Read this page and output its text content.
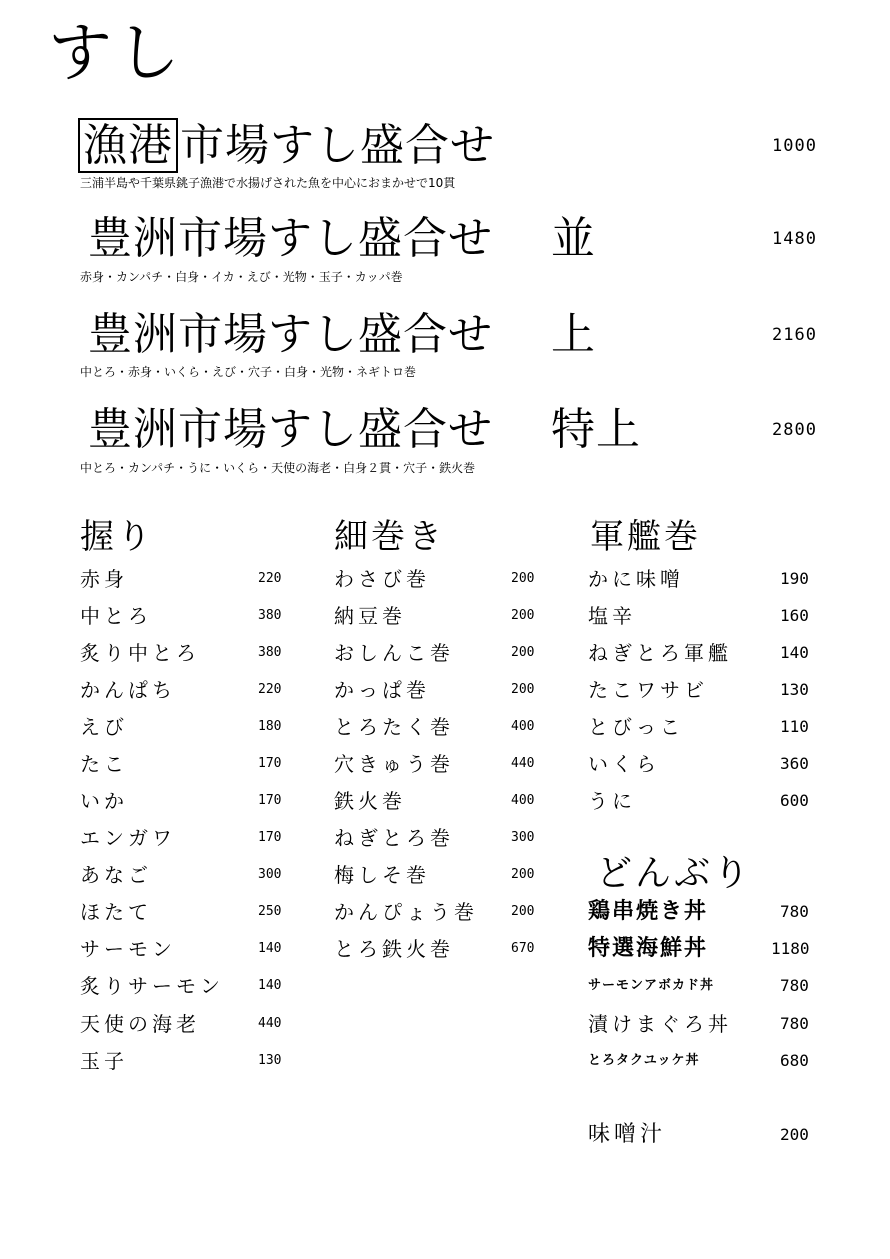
すし
漁港 市場すし盛合せ	1000
三浦半島や千葉県銚子漁港で水揚げされた魚を中心におまかせで10貫
豊洲市場すし盛合せ 並	1480
赤身・カンパチ・白身・イカ・えび・光物・玉子・カッパ巻
豊洲市場すし盛合せ 上	2160
中とろ・赤身・いくら・えび・穴子・白身・光物・ネギトロ巻
豊洲市場すし盛合せ 特上	2800
中とろ・カンパチ・うに・いくら・天使の海老・白身２貫・穴子・鉄火巻
握り
赤身	220
中とろ	380
炙り中とろ	380
かんぱち	220
えび	180
たこ	170
いか	170
エンガワ	170
あなご	300
ほたて	250
サーモン	140
炙りサーモン	140
天使の海老	440
玉子	130
細巻き
わさび巻	200
納豆巻	200
おしんこ巻	200
かっぱ巻	200
とろたく巻	400
穴きゅう巻	440
鉄火巻	400
ねぎとろ巻	300
梅しそ巻	200
かんぴょう巻	200
とろ鉄火巻	670
軍艦巻
かに味噌	190
塩辛	160
ねぎとろ軍艦	140
たこワサビ	130
とびっこ	110
いくら	360
うに	600
どんぶり
鶏串焼き丼	780
特選海鮮丼	1180
サーモンアボカド丼	780
漬けまぐろ丼	780
とろタクユッケ丼	680
味噌汁	200
